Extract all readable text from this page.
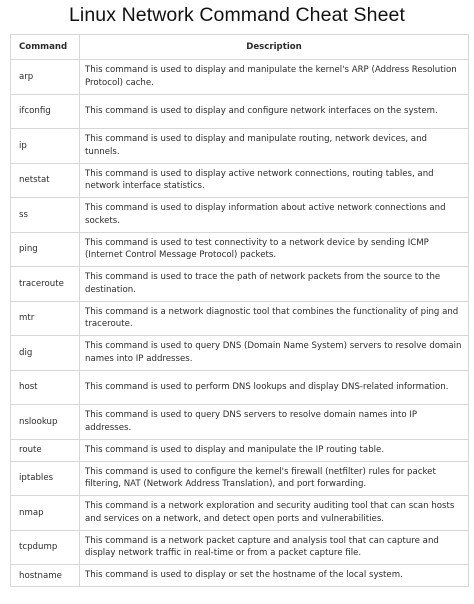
Linux Network Command Cheat Sheet
Command	Description
arp	This command is used to display and manipulate the kernel's ARP (Address Resolution Protocol) cache.
ifconfig	This command is used to display and configure network interfaces on the system.
ip	This command is used to display and manipulate routing, network devices, and tunnels.
netstat	This command is used to display active network connections, routing tables, and network interface statistics.
ss	This command is used to display information about active network connections and sockets.
ping	This command is used to test connectivity to a network device by sending ICMP (Internet Control Message Protocol) packets.
traceroute	This command is used to trace the path of network packets from the source to the destination.
mtr	This command is a network diagnostic tool that combines the functionality of ping and traceroute.
dig	This command is used to query DNS (Domain Name System) servers to resolve domain names into IP addresses.
host	This command is used to perform DNS lookups and display DNS-related information.
nslookup	This command is used to query DNS servers to resolve domain names into IP addresses.
route	This command is used to display and manipulate the IP routing table.
iptables	This command is used to configure the kernel's firewall (netfilter) rules for packet filtering, NAT (Network Address Translation), and port forwarding.
nmap	This command is a network exploration and security auditing tool that can scan hosts and services on a network, and detect open ports and vulnerabilities.
tcpdump	This command is a network packet capture and analysis tool that can capture and display network traffic in real-time or from a packet capture file.
hostname	This command is used to display or set the hostname of the local system.
